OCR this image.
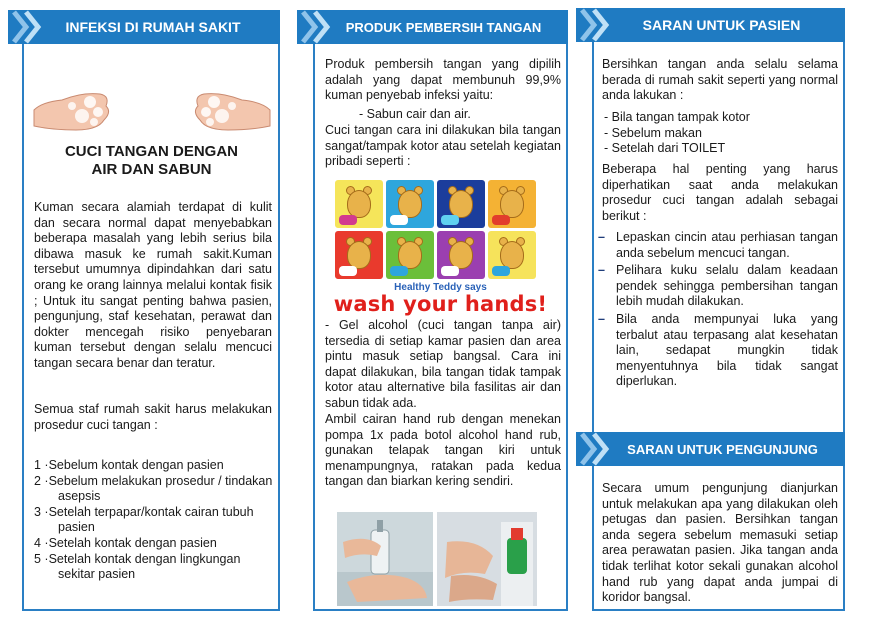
CUCI TANGAN DENGAN AIR DAN SABUN

Kuman secara alamiah terdapat di kulit dan secara normal dapat menyebabkan beberapa masalah yang lebih serius bila dibawa masuk ke rumah sakit.Kuman tersebut umumnya dipindahkan dari satu orang ke orang lainnya melalui kontak fisik ; Untuk itu sangat penting bahwa pasien, pengunjung, staf kesehatan, perawat dan dokter mencegah risiko penyebaran kuman tersebut dengan selalu mencuci tangan secara benar dan teratur.

Semua staf rumah sakit harus melakukan prosedur cuci tangan :

1 ·Sebelum kontak dengan pasien
2 ·Sebelum melakukan prosedur / tindakan asepsis
3 ·Setelah terpapar/kontak cairan tubuh pasien
4 ·Setelah kontak dengan pasien
5 ·Setelah kontak dengan lingkungan sekitar pasien
INFEKSI DI RUMAH SAKIT

Produk pembersih tangan yang dipilih adalah yang dapat membunuh 99,9% kuman penyebab infeksi yaitu:

- Sabun cair dan air.

Cuci tangan cara ini dilakukan bila tangan sangat/tampak kotor atau setelah kegiatan pribadi seperti :

Healthy Teddy says
wash your hands!

- Gel alcohol (cuci tangan tanpa air) tersedia di setiap kamar pasien dan area pintu masuk setiap bangsal. Cara ini dapat dilakukan, bila tangan tidak tampak kotor atau alternative bila fasilitas air dan sabun tidak ada.

Ambil cairan hand rub dengan menekan pompa 1x pada botol alcohol hand rub, gunakan telapak tangan kiri untuk menampungnya, ratakan pada kedua tangan dan biarkan kering sendiri.

PRODUK PEMBERSIH TANGAN

Bersihkan tangan anda selalu selama berada di rumah sakit seperti yang normal anda lakukan :

- Bila tangan tampak kotor
- Sebelum makan
- Setelah dari TOILET

Beberapa hal penting yang harus diperhatikan saat anda melakukan prosedur cuci tangan adalah sebagai berikut :

– Lepaskan cincin atau perhiasan tangan anda sebelum mencuci tangan.
– Pelihara kuku selalu dalam keadaan pendek sehingga pembersihan tangan lebih mudah dilakukan.
– Bila anda mempunyai luka yang terbalut atau terpasang alat kesehatan lain, sedapat mungkin tidak menyentuhnya bila tidak sangat diperlukan.

Secara umum pengunjung dianjurkan untuk melakukan apa yang dilakukan oleh petugas dan pasien. Bersihkan tangan anda segera sebelum memasuki setiap area perawatan pasien. Jika tangan anda tidak terlihat kotor sekali gunakan alcohol hand rub yang dapat anda jumpai di koridor bangsal.

SARAN UNTUK PASIEN
SARAN UNTUK PENGUNJUNG
